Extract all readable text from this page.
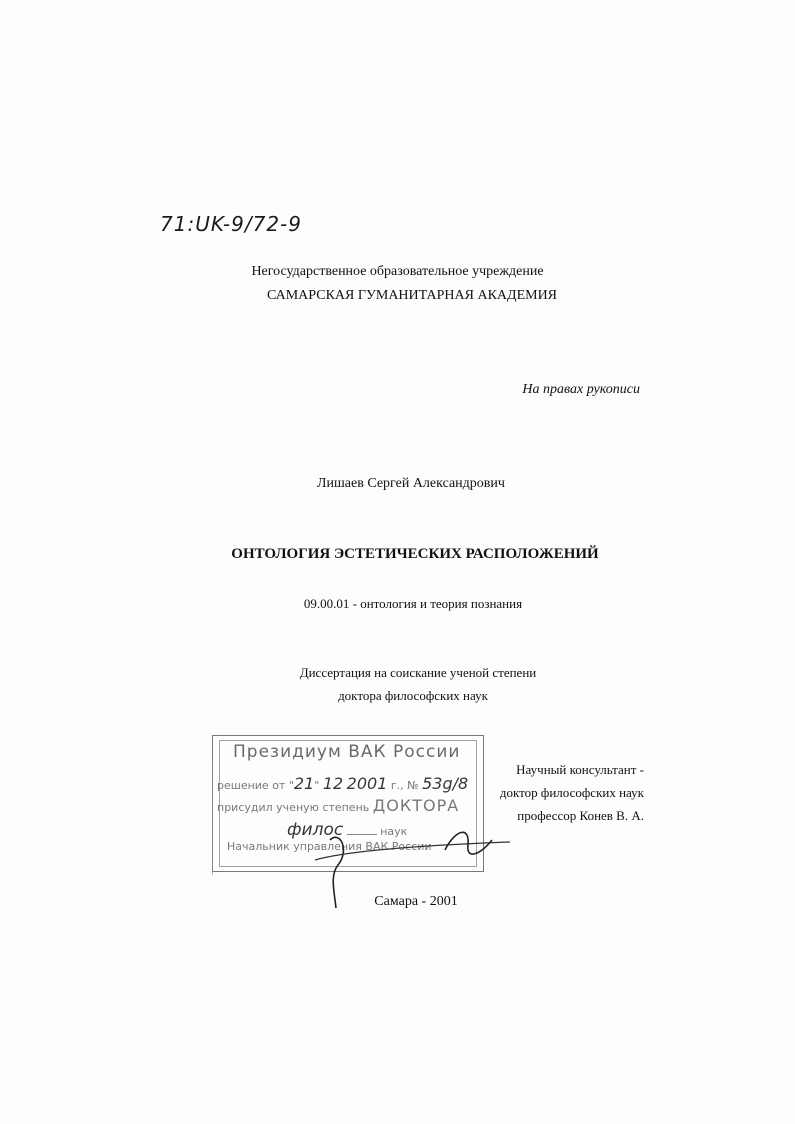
71:UK-9/72-9
Негосударственное образовательное учреждение
САМАРСКАЯ ГУМАНИТАРНАЯ АКАДЕМИЯ
На правах рукописи
Лишаев Сергей Александрович
ОНТОЛОГИЯ ЭСТЕТИЧЕСКИХ РАСПОЛОЖЕНИЙ
09.00.01 - онтология и теория познания
Диссертация на соискание ученой степени
доктора философских наук
Научный консультант -
доктор философских наук
профессор Конев В. А.
Президиум ВАК России
решение от "21" 12 2001 г., № 53g/8
присудил ученую степень ДОКТОРА
филос	наук
Начальник управления ВАК России
Самара - 2001
